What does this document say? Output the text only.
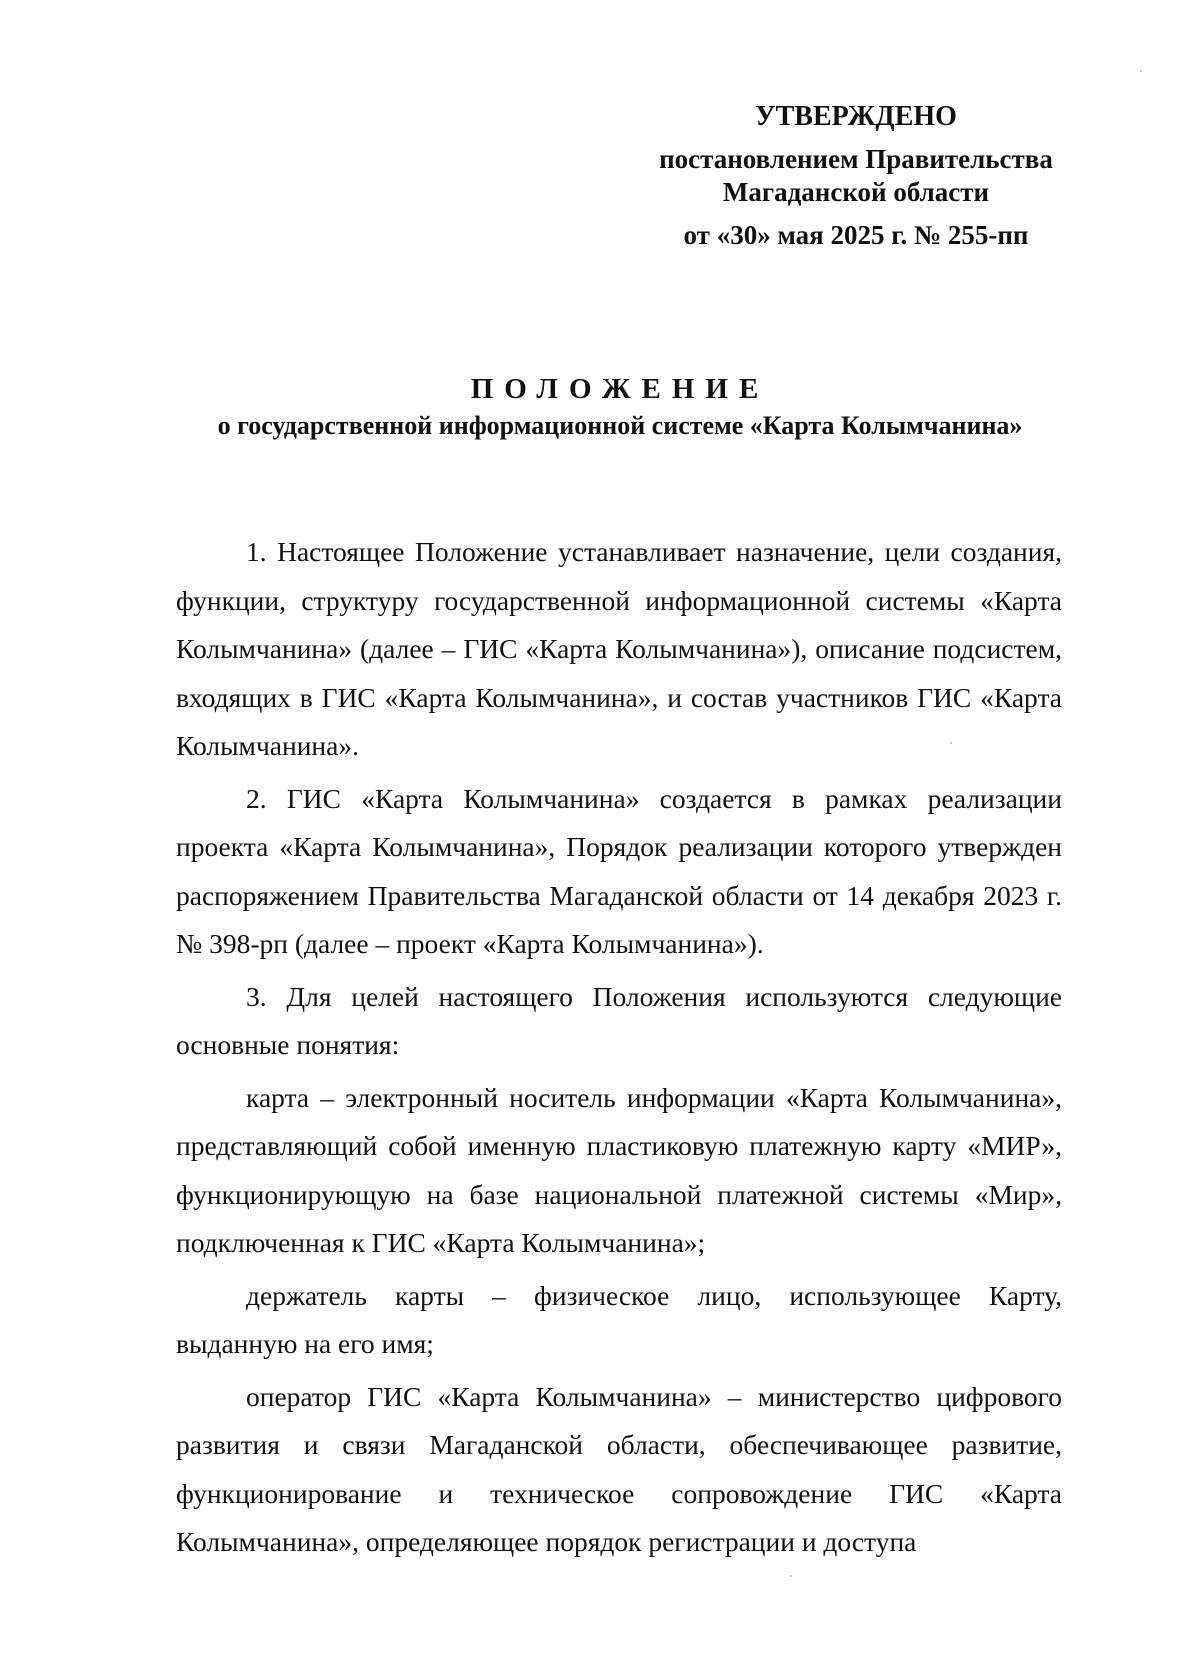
УТВЕРЖДЕНО
постановлением Правительства
Магаданской области
от «30» мая 2025 г. № 255-пп
ПОЛОЖЕНИЕ
о государственной информационной системе «Карта Колымчанина»

1. Настоящее Положение устанавливает назначение, цели создания, функции, структуру государственной информационной системы «Карта Колымчанина» (далее – ГИС «Карта Колымчанина»), описание подсистем, входящих в ГИС «Карта Колымчанина», и состав участников ГИС «Карта Колымчанина».

2. ГИС «Карта Колымчанина» создается в рамках реализации проекта «Карта Колымчанина», Порядок реализации которого утвержден распоряжением Правительства Магаданской области от 14 декабря 2023 г. № 398-рп (далее – проект «Карта Колымчанина»).

3. Для целей настоящего Положения используются следующие основные понятия:

карта – электронный носитель информации «Карта Колымчанина», представляющий собой именную пластиковую платежную карту «МИР», функционирующую на базе национальной платежной системы «Мир», подключенная к ГИС «Карта Колымчанина»;

держатель карты – физическое лицо, использующее Карту, выданную на его имя;

оператор ГИС «Карта Колымчанина» – министерство цифрового развития и связи Магаданской области, обеспечивающее развитие, функционирование и техническое сопровождение ГИС «Карта Колымчанина», определяющее порядок регистрации и доступа
